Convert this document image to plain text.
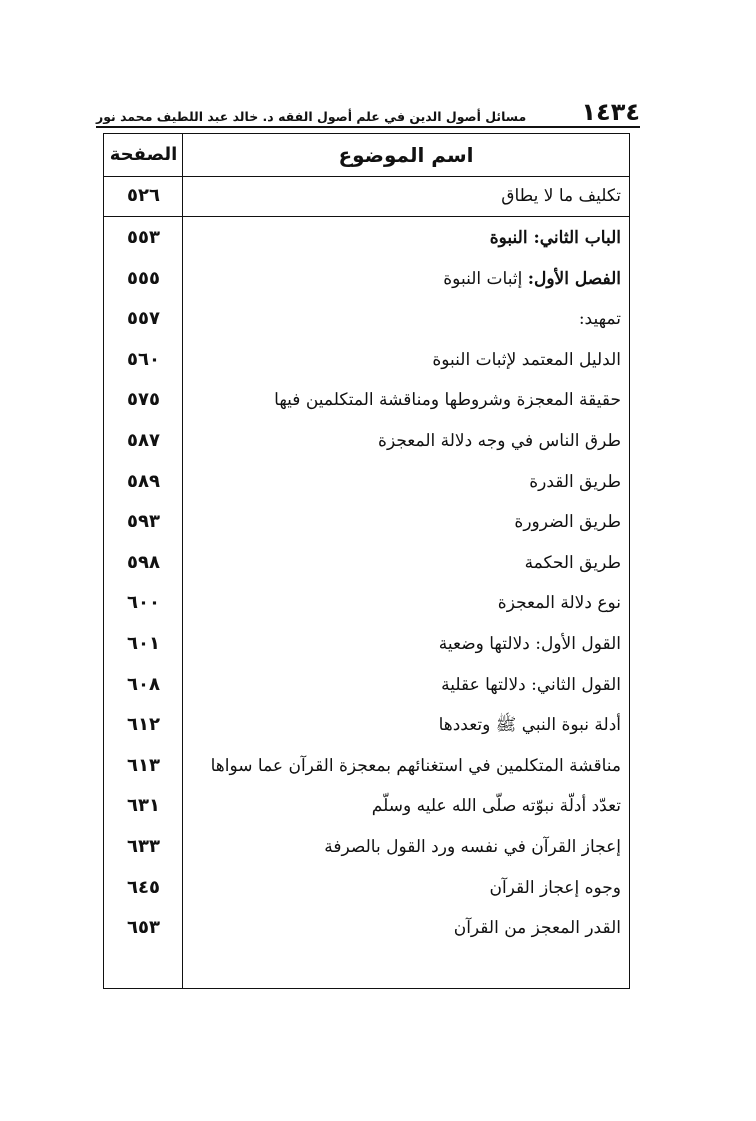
١٤٣٤
مسائل أصول الدين في علم أصول الفقه د. خالد عبد اللطيف محمد نور
اسم الموضوع
الصفحة
تكليف ما لا يطاق
٥٢٦
الباب الثاني: النبوة
٥٥٣
الفصل الأول: إثبات النبوة
٥٥٥
تمهيد:
٥٥٧
الدليل المعتمد لإثبات النبوة
٥٦٠
حقيقة المعجزة وشروطها ومناقشة المتكلمين فيها
٥٧٥
طرق الناس في وجه دلالة المعجزة
٥٨٧
طريق القدرة
٥٨٩
طريق الضرورة
٥٩٣
طريق الحكمة
٥٩٨
نوع دلالة المعجزة
٦٠٠
القول الأول: دلالتها وضعية
٦٠١
القول الثاني: دلالتها عقلية
٦٠٨
أدلة نبوة النبي ﷺ وتعددها
٦١٢
مناقشة المتكلمين في استغنائهم بمعجزة القرآن عما سواها
٦١٣
تعدّد أدلّة نبوّته صلّى الله عليه وسلّم
٦٣١
إعجاز القرآن في نفسه ورد القول بالصرفة
٦٣٣
وجوه إعجاز القرآن
٦٤٥
القدر المعجز من القرآن
٦٥٣
